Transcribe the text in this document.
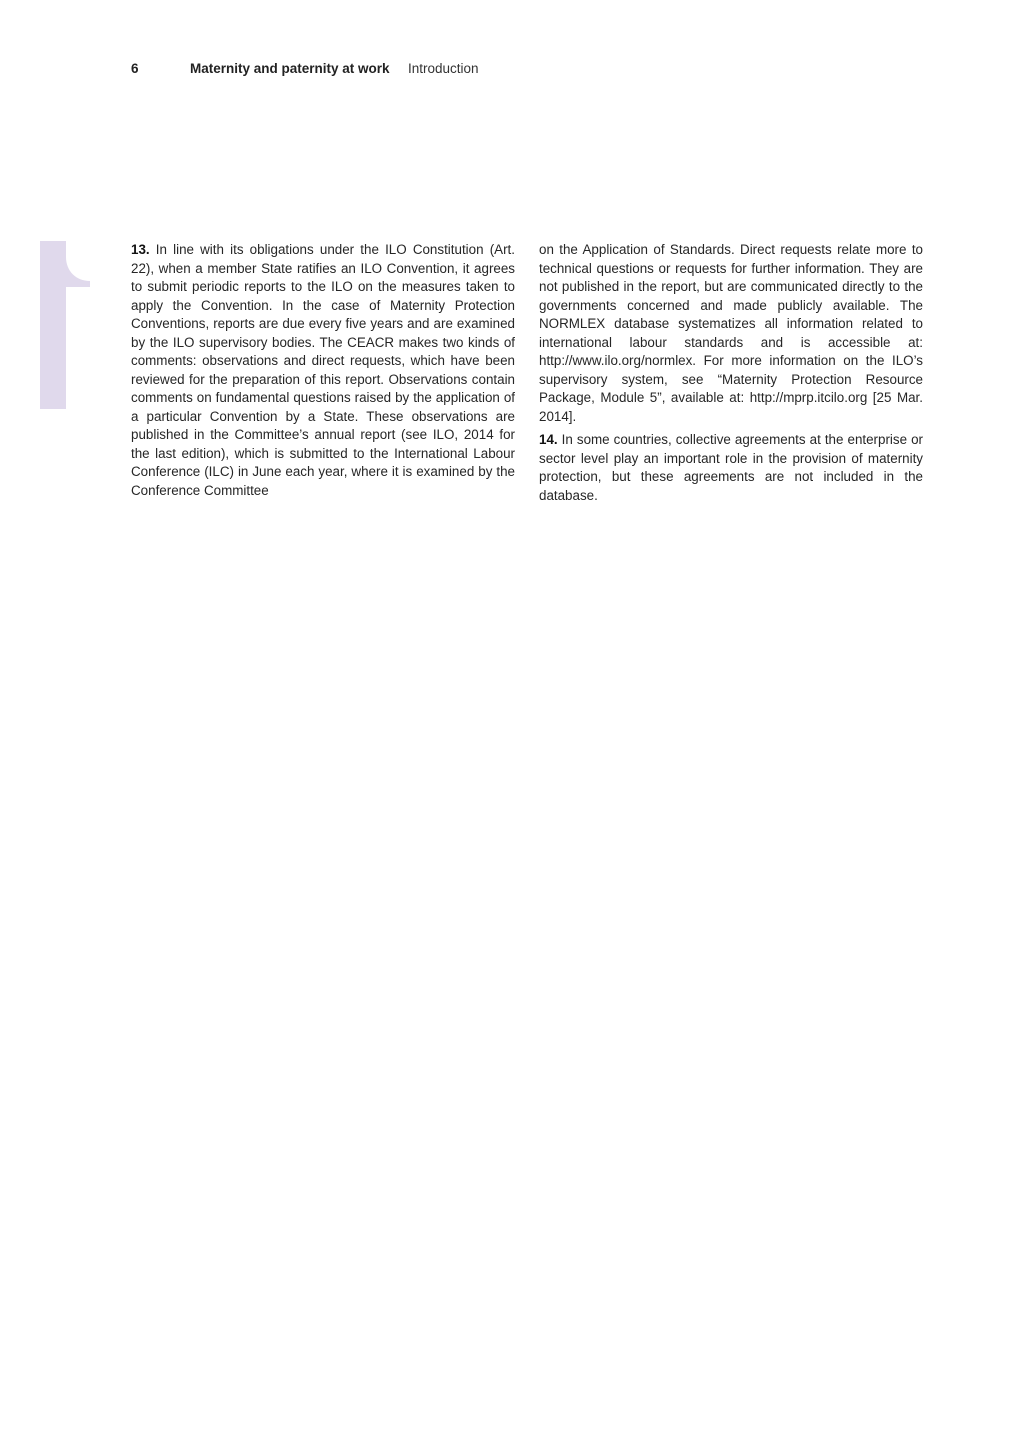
6	Maternity and paternity at work Introduction

13. In line with its obligations under the ILO Constitution (Art. 22), when a member State ratifies an ILO Convention, it agrees to submit periodic reports to the ILO on the measures taken to apply the Convention. In the case of Maternity Protection Conventions, reports are due every five years and are examined by the ILO supervisory bodies. The CEACR makes two kinds of comments: observations and direct requests, which have been reviewed for the preparation of this report. Observations contain comments on fundamental questions raised by the application of a particular Convention by a State. These observations are published in the Committee’s annual report (see ILO, 2014 for the last edition), which is submitted to the International Labour Conference (ILC) in June each year, where it is examined by the Conference Committee

on the Application of Standards. Direct requests relate more to technical questions or requests for further information. They are not published in the report, but are communicated directly to the governments concerned and made publicly available. The NORMLEX database systematizes all information related to international labour standards and is accessible at: http://www.ilo.org/normlex. For more information on the ILO’s supervisory system, see “Maternity Protection Resource Package, Module 5”, available at: http://mprp.itcilo.org [25 Mar. 2014].

14. In some countries, collective agreements at the enterprise or sector level play an important role in the provision of maternity protection, but these agreements are not included in the database.
